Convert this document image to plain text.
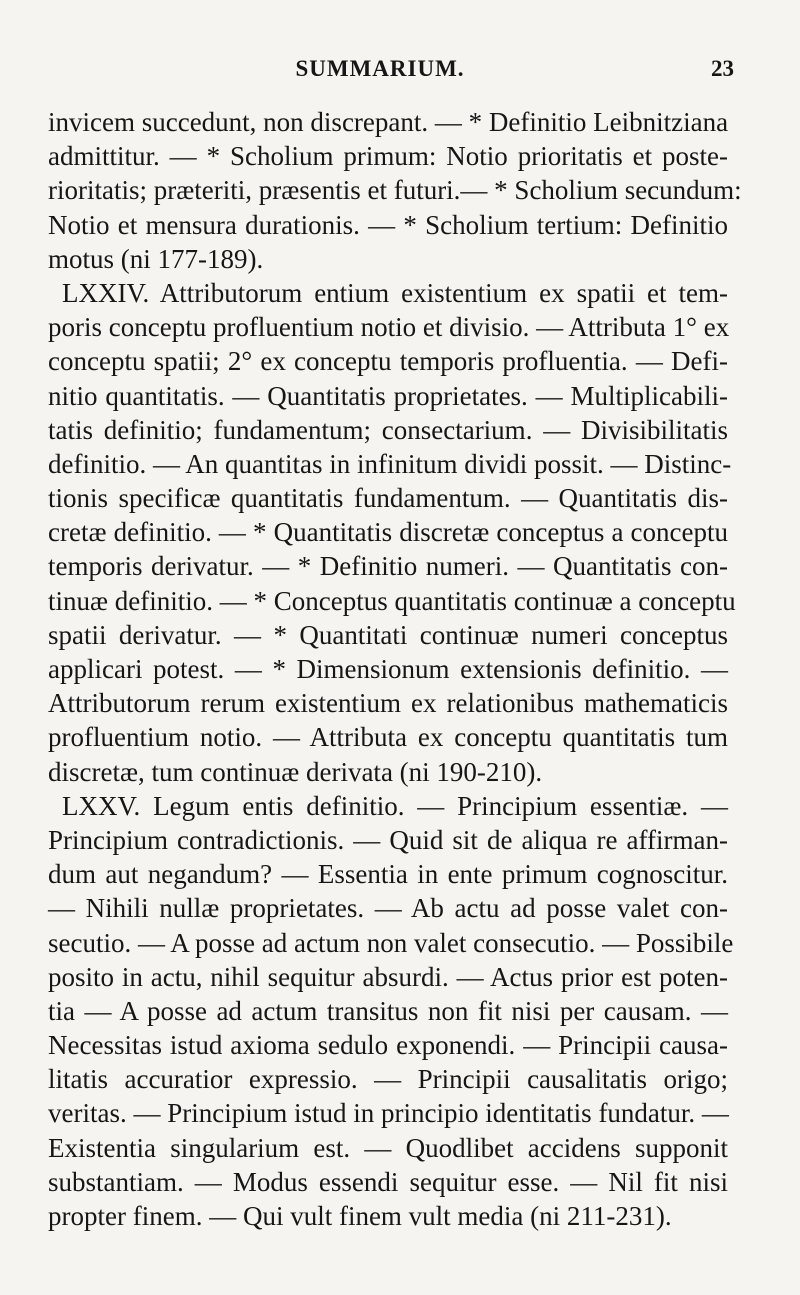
SUMMARIUM.	23
invicem succedunt, non discrepant. — * Definitio Leibnitziana
admittitur. — * Scholium primum: Notio prioritatis et poste-
rioritatis; præteriti, præsentis et futuri.— * Scholium secundum:
Notio et mensura durationis. — * Scholium tertium: Definitio
motus (ni 177-189).
LXXIV. Attributorum entium existentium ex spatii et tem-
poris conceptu profluentium notio et divisio. — Attributa 1° ex
conceptu spatii; 2° ex conceptu temporis profluentia. — Defi-
nitio quantitatis. — Quantitatis proprietates. — Multiplicabili-
tatis definitio; fundamentum; consectarium. — Divisibilitatis
definitio. — An quantitas in infinitum dividi possit. — Distinc-
tionis specificæ quantitatis fundamentum. — Quantitatis dis-
cretæ definitio. — * Quantitatis discretæ conceptus a conceptu
temporis derivatur. — * Definitio numeri. — Quantitatis con-
tinuæ definitio. — * Conceptus quantitatis continuæ a conceptu
spatii derivatur. — * Quantitati continuæ numeri conceptus
applicari potest. — * Dimensionum extensionis definitio. —
Attributorum rerum existentium ex relationibus mathematicis
profluentium notio. — Attributa ex conceptu quantitatis tum
discretæ, tum continuæ derivata (ni 190-210).
LXXV. Legum entis definitio. — Principium essentiæ. —
Principium contradictionis. — Quid sit de aliqua re affirman-
dum aut negandum? — Essentia in ente primum cognoscitur.
— Nihili nullæ proprietates. — Ab actu ad posse valet con-
secutio. — A posse ad actum non valet consecutio. — Possibile
posito in actu, nihil sequitur absurdi. — Actus prior est poten-
tia — A posse ad actum transitus non fit nisi per causam. —
Necessitas istud axioma sedulo exponendi. — Principii causa-
litatis accuratior expressio. — Principii causalitatis origo;
veritas. — Principium istud in principio identitatis fundatur. —
Existentia singularium est. — Quodlibet accidens supponit
substantiam. — Modus essendi sequitur esse. — Nil fit nisi
propter finem. — Qui vult finem vult media (ni 211-231).
